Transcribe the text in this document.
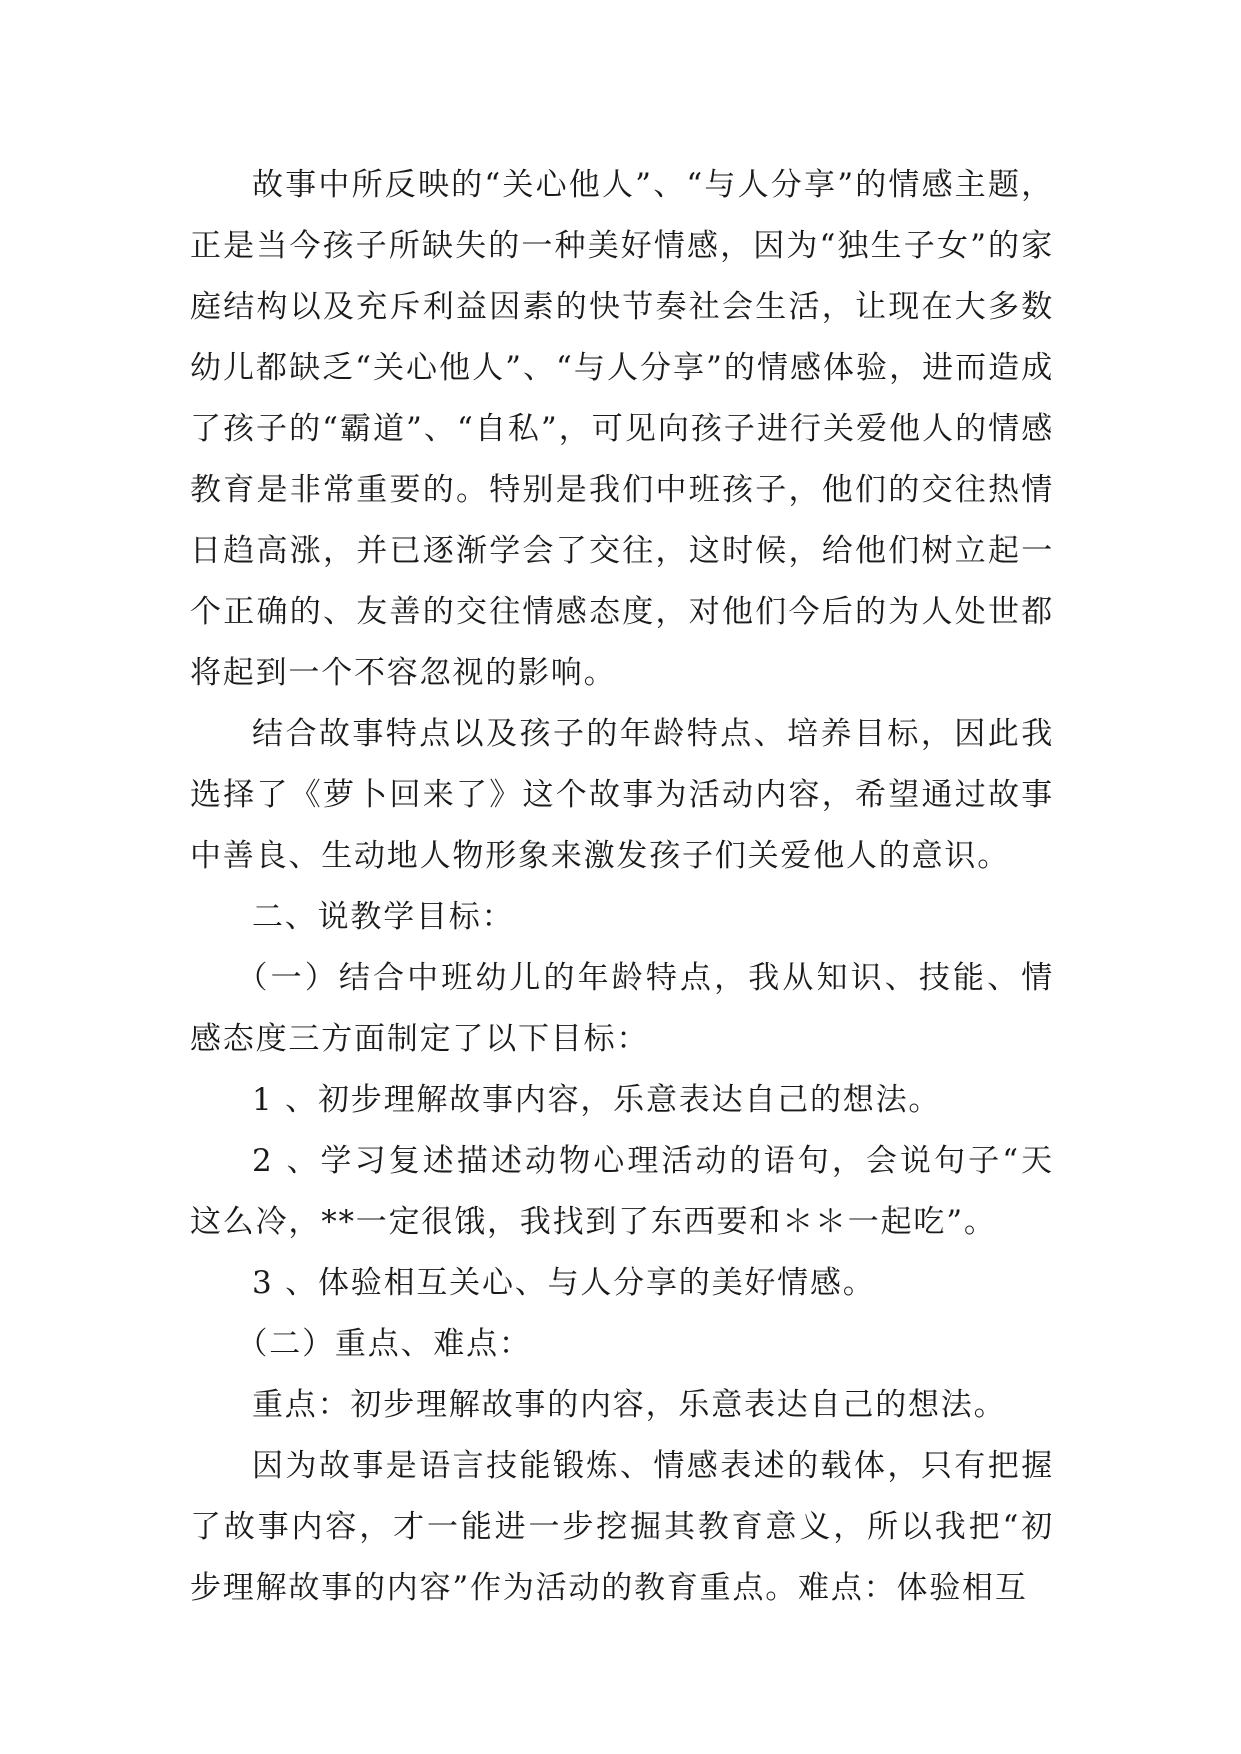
故事中所反映的“关心他人”、“与人分享”的情感主题，正是当今孩子所缺失的一种美好情感，因为“独生子女”的家庭结构以及充斥利益因素的快节奏社会生活，让现在大多数幼儿都缺乏“关心他人”、“与人分享”的情感体验，进而造成了孩子的“霸道”、“自私”，可见向孩子进行关爱他人的情感教育是非常重要的。特别是我们中班孩子，他们的交往热情日趋高涨，并已逐渐学会了交往，这时候，给他们树立起一个正确的、友善的交往情感态度，对他们今后的为人处世都将起到一个不容忽视的影响。

结合故事特点以及孩子的年龄特点、培养目标，因此我选择了《萝卜回来了》这个故事为活动内容，希望通过故事中善良、生动地人物形象来激发孩子们关爱他人的意识。

二、说教学目标：

（一）结合中班幼儿的年龄特点，我从知识、技能、情感态度三方面制定了以下目标：

1 、初步理解故事内容，乐意表达自己的想法。

2 、学习复述描述动物心理活动的语句，会说句子“天这么冷，**一定很饿，我找到了东西要和＊＊一起吃”。

3 、体验相互关心、与人分享的美好情感。

（二）重点、难点：

重点：初步理解故事的内容，乐意表达自己的想法。

因为故事是语言技能锻炼、情感表述的载体，只有把握了故事内容，才一能进一步挖掘其教育意义，所以我把“初步理解故事的内容”作为活动的教育重点。难点：体验相互
